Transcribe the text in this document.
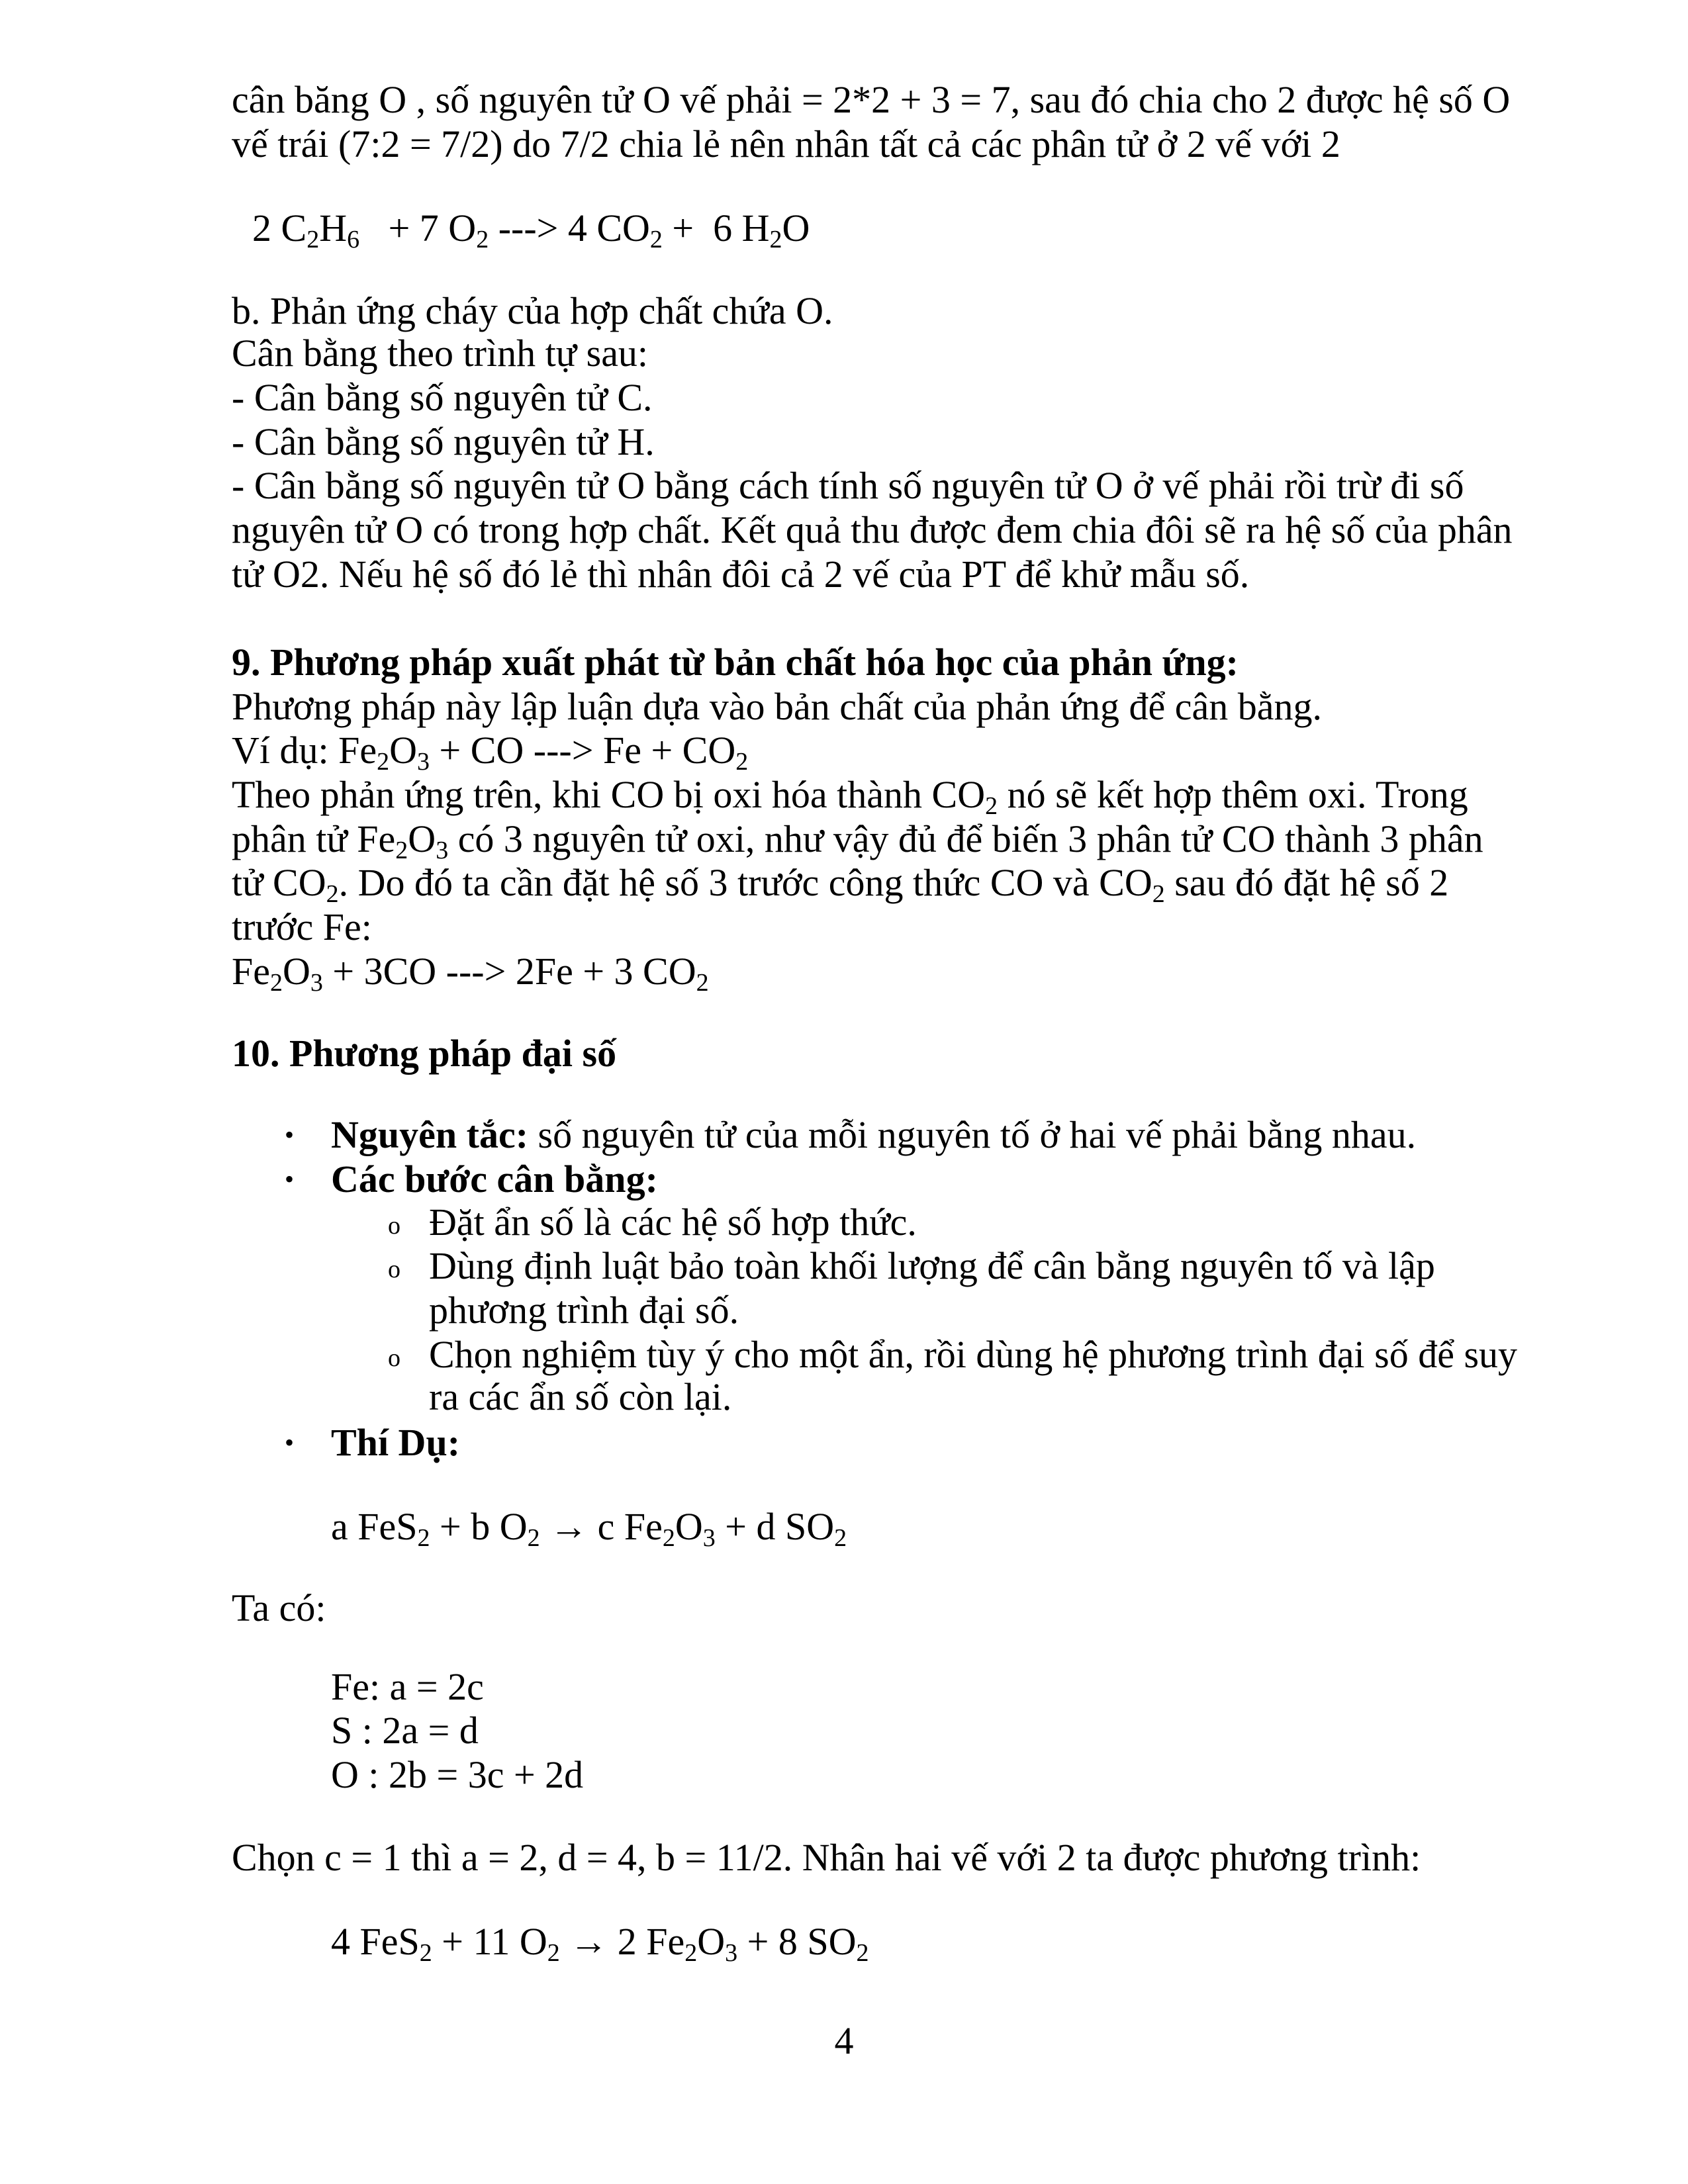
cân băng O , số nguyên tử O vế phải = 2*2 + 3 = 7, sau đó chia cho 2 được hệ số O
vế trái (7:2 = 7/2) do 7/2 chia lẻ nên nhân tất cả các phân tử ở 2 vế với 2
2 $C_2H_6 + 7$ $O_2$ ---> 4 $CO_2 + 6$ $H_2O$
b. Phản ứng cháy của hợp chất chứa O.
Cân bằng theo trình tự sau:
- Cân bằng số nguyên tử C.
- Cân bằng số nguyên tử H.
- Cân bằng số nguyên tử O bằng cách tính số nguyên tử O ở vế phải rồi trừ đi số
nguyên tử O có trong hợp chất. Kết quả thu được đem chia đôi sẽ ra hệ số của phân
tử O2. Nếu hệ số đó lẻ thì nhân đôi cả 2 vế của PT để khử mẫu số.
9. Phương pháp xuất phát từ bản chất hóa học của phản ứng:
Phương pháp này lập luận dựa vào bản chất của phản ứng để cân bằng.
Ví dụ: $Fe_2O_3$ + CO ---> $Fe + CO_2$
Theo phản ứng trên, khi CO bị oxi hóa thành $CO_2$ nó sẽ kết hợp thêm oxi. Trong
phân tử $Fe_2O_3$ có 3 nguyên tử oxi, như vậy đủ để biến 3 phân tử CO thành 3 phân
tử $CO_2$. Do đó ta cần đặt hệ số 3 trước công thức CO và $CO_2$ sau đó đặt hệ số 2
trước Fe:
$Fe_2O_3 + 3CO$ ---> 2Fe + 3 $CO_2$
10. Phương pháp đại số
• Nguyên tắc: số nguyên tử của mỗi nguyên tố ở hai vế phải bằng nhau.
• Các bước cân bằng:
o Đặt ẩn số là các hệ số hợp thức.
o Dùng định luật bảo toàn khối lượng để cân bằng nguyên tố và lập
phương trình đại số.
o Chọn nghiệm tùy ý cho một ẩn, rồi dùng hệ phương trình đại số để suy
ra các ẩn số còn lại.
• Thí Dụ:
a FeS$_2$ + b $O_2 \to c$ $Fe_2O_3 + d$ $SO_2$
Ta có:
Fe: a = 2c
S : 2a = d
O : 2b = 3c + 2d
Chọn c = 1 thì a = 2, d = 4, b = 11/2. Nhân hai vế với 2 ta được phương trình:
4 FeS$_2$ + 11 $O_2 \to 2$ $Fe_2O_3 + 8$ $SO_2$
4
